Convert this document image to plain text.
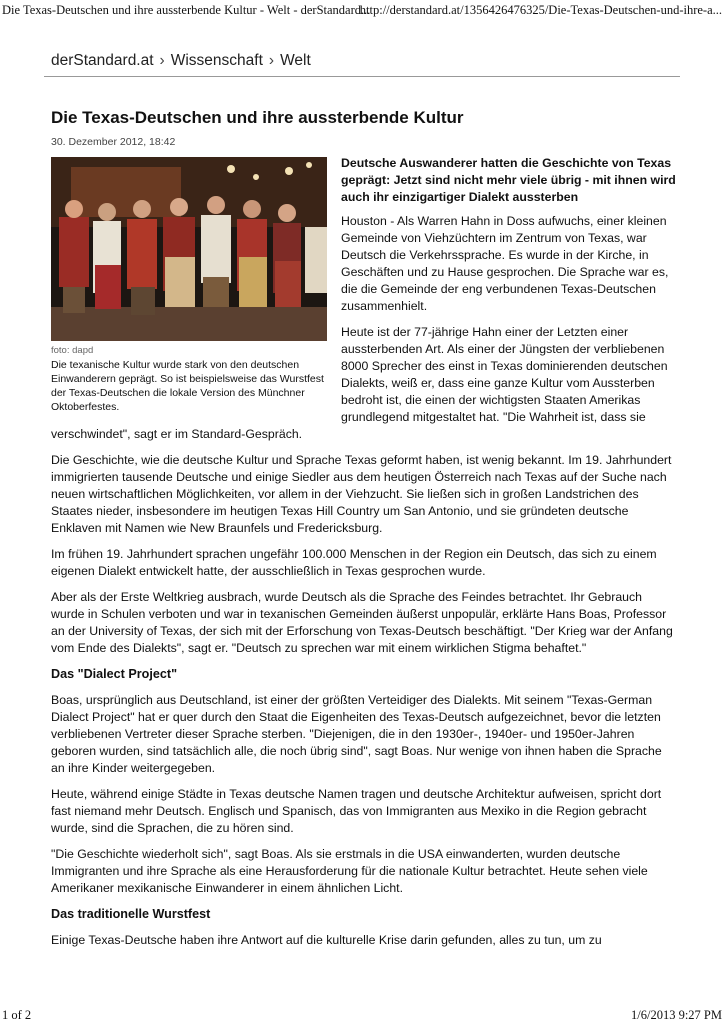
Die Texas-Deutschen und ihre aussterbende Kultur - Welt - derStandard...
http://derstandard.at/1356426476325/Die-Texas-Deutschen-und-ihre-a...
derStandard.at › Wissenschaft › Welt
Die Texas-Deutschen und ihre aussterbende Kultur
30. Dezember 2012, 18:42
foto: dapd
Die texanische Kultur wurde stark von den deutschen Einwanderern geprägt. So ist beispielsweise das Wurstfest der Texas-Deutschen die lokale Version des Münchner Oktoberfestes.

Deutsche Auswanderer hatten die Geschichte von Texas geprägt: Jetzt sind nicht mehr viele übrig - mit ihnen wird auch ihr einzigartiger Dialekt aussterben

Houston - Als Warren Hahn in Doss aufwuchs, einer kleinen Gemeinde von Viehzüchtern im Zentrum von Texas, war Deutsch die Verkehrssprache. Es wurde in der Kirche, in Geschäften und zu Hause gesprochen. Die Sprache war es, die die Gemeinde der eng verbundenen Texas-Deutschen zusammenhielt.

Heute ist der 77-jährige Hahn einer der Letzten einer aussterbenden Art. Als einer der Jüngsten der verbliebenen 8000 Sprecher des einst in Texas dominierenden deutschen Dialekts, weiß er, dass eine ganze Kultur vom Aussterben bedroht ist, die einen der wichtigsten Staaten Amerikas grundlegend mitgestaltet hat. "Die Wahrheit ist, dass sie verschwindet", sagt er im Standard-Gespräch.

Die Geschichte, wie die deutsche Kultur und Sprache Texas geformt haben, ist wenig bekannt. Im 19. Jahrhundert immigrierten tausende Deutsche und einige Siedler aus dem heutigen Österreich nach Texas auf der Suche nach neuen wirtschaftlichen Möglichkeiten, vor allem in der Viehzucht. Sie ließen sich in großen Landstrichen des Staates nieder, insbesondere im heutigen Texas Hill Country um San Antonio, und sie gründeten deutsche Enklaven mit Namen wie New Braunfels und Fredericksburg.

Im frühen 19. Jahrhundert sprachen ungefähr 100.000 Menschen in der Region ein Deutsch, das sich zu einem eigenen Dialekt entwickelt hatte, der ausschließlich in Texas gesprochen wurde.

Aber als der Erste Weltkrieg ausbrach, wurde Deutsch als die Sprache des Feindes betrachtet. Ihr Gebrauch wurde in Schulen verboten und war in texanischen Gemeinden äußerst unpopulär, erklärte Hans Boas, Professor an der University of Texas, der sich mit der Erforschung von Texas-Deutsch beschäftigt. "Der Krieg war der Anfang vom Ende des Dialekts", sagt er. "Deutsch zu sprechen war mit einem wirklichen Stigma behaftet."

Das "Dialect Project"

Boas, ursprünglich aus Deutschland, ist einer der größten Verteidiger des Dialekts. Mit seinem "Texas-German Dialect Project" hat er quer durch den Staat die Eigenheiten des Texas-Deutsch aufgezeichnet, bevor die letzten verbliebenen Vertreter dieser Sprache sterben. "Diejenigen, die in den 1930er-, 1940er- und 1950er-Jahren geboren wurden, sind tatsächlich alle, die noch übrig sind", sagt Boas. Nur wenige von ihnen haben die Sprache an ihre Kinder weitergegeben.

Heute, während einige Städte in Texas deutsche Namen tragen und deutsche Architektur aufweisen, spricht dort fast niemand mehr Deutsch. Englisch und Spanisch, das von Immigranten aus Mexiko in die Region gebracht wurde, sind die Sprachen, die zu hören sind.

"Die Geschichte wiederholt sich", sagt Boas. Als sie erstmals in die USA einwanderten, wurden deutsche Immigranten und ihre Sprache als eine Herausforderung für die nationale Kultur betrachtet. Heute sehen viele Amerikaner mexikanische Einwanderer in einem ähnlichen Licht.

Das traditionelle Wurstfest

Einige Texas-Deutsche haben ihre Antwort auf die kulturelle Krise darin gefunden, alles zu tun, um zu

1 of 2	1/6/2013 9:27 PM
